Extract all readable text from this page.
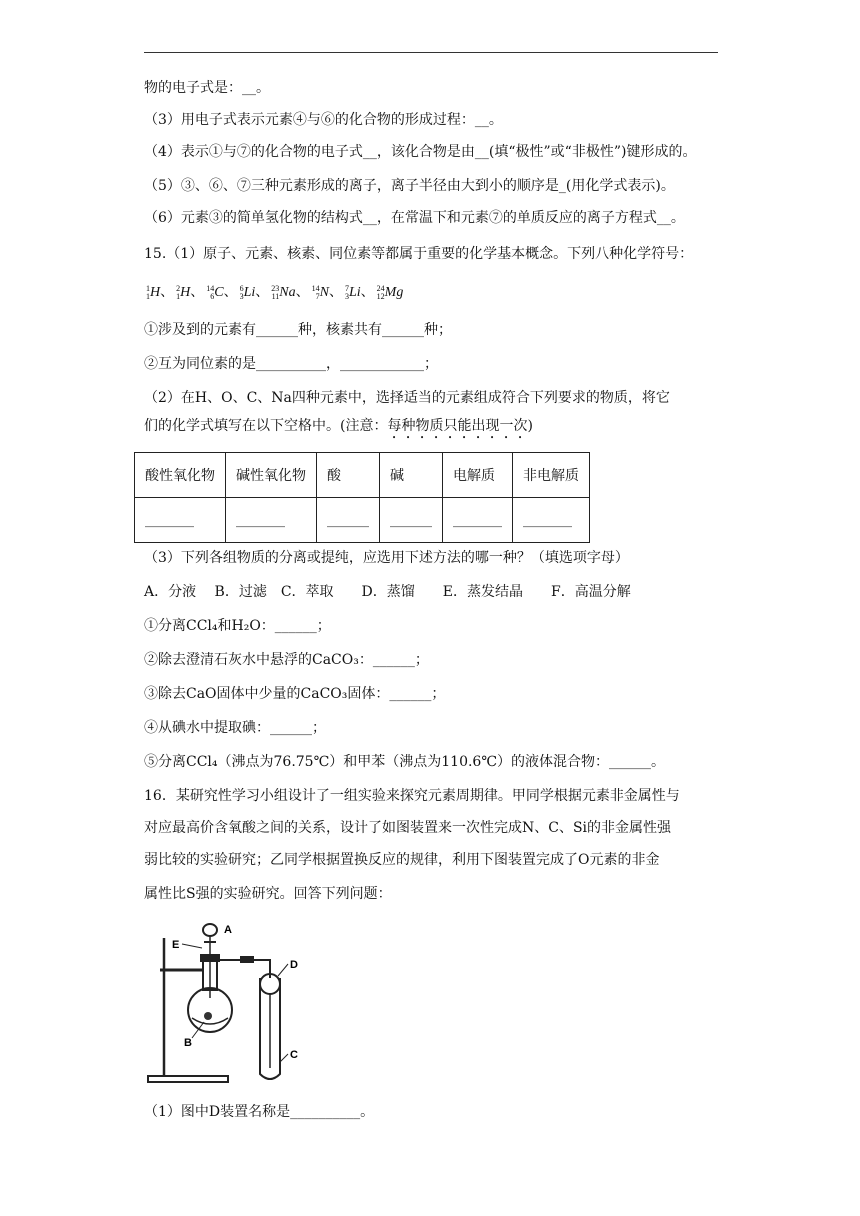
物的电子式是：__。
（3）用电子式表示元素④与⑥的化合物的形成过程：__。
（4）表示①与⑦的化合物的电子式__，该化合物是由__(填“极性”或“非极性”)键形成的。
（5）③、⑥、⑦三种元素形成的离子，离子半径由大到小的顺序是_(用化学式表示)。
（6）元素③的简单氢化物的结构式__，在常温下和元素⑦的单质反应的离子方程式__。
15.（1）原子、元素、核素、同位素等都属于重要的化学基本概念。下列八种化学符号：
1
1 H、 2
1 H、 14
6 C、 6
3 Li、 23
11 Na、 14
7 N、 7
3 Li、 24
12 Mg
①涉及到的元素有______种，核素共有______种；
②互为同位素的是__________，____________；
（2）在H、O、C、Na四种元素中，选择适当的元素组成符合下列要求的物质，将它
们的化学式填写在以下空格中。(注意：每种物质只能出现一次)
酸性氧化物	碱性氧化物	酸	碱	电解质	非电解质
_______	_______	______	______	_______	_______
（3）下列各组物质的分离或提纯，应选用下述方法的哪一种？（填选项字母）
A．分液　 B．过滤　C．萃取　　D．蒸馏　　E．蒸发结晶　　F．高温分解
①分离CCl₄和H₂O：______；
②除去澄清石灰水中悬浮的CaCO₃：______；
③除去CaO固体中少量的CaCO₃固体：______；
④从碘水中提取碘：______；
⑤分离CCl₄（沸点为76.75℃）和甲苯（沸点为110.6℃）的液体混合物：______。
16．某研究性学习小组设计了一组实验来探究元素周期律。甲同学根据元素非金属性与
对应最高价含氧酸之间的关系，设计了如图装置来一次性完成N、C、Si的非金属性强
弱比较的实验研究；乙同学根据置换反应的规律，利用下图装置完成了O元素的非金
属性比S强的实验研究。回答下列问题：
A
E
B
D
C
（1）图中D装置名称是__________。
